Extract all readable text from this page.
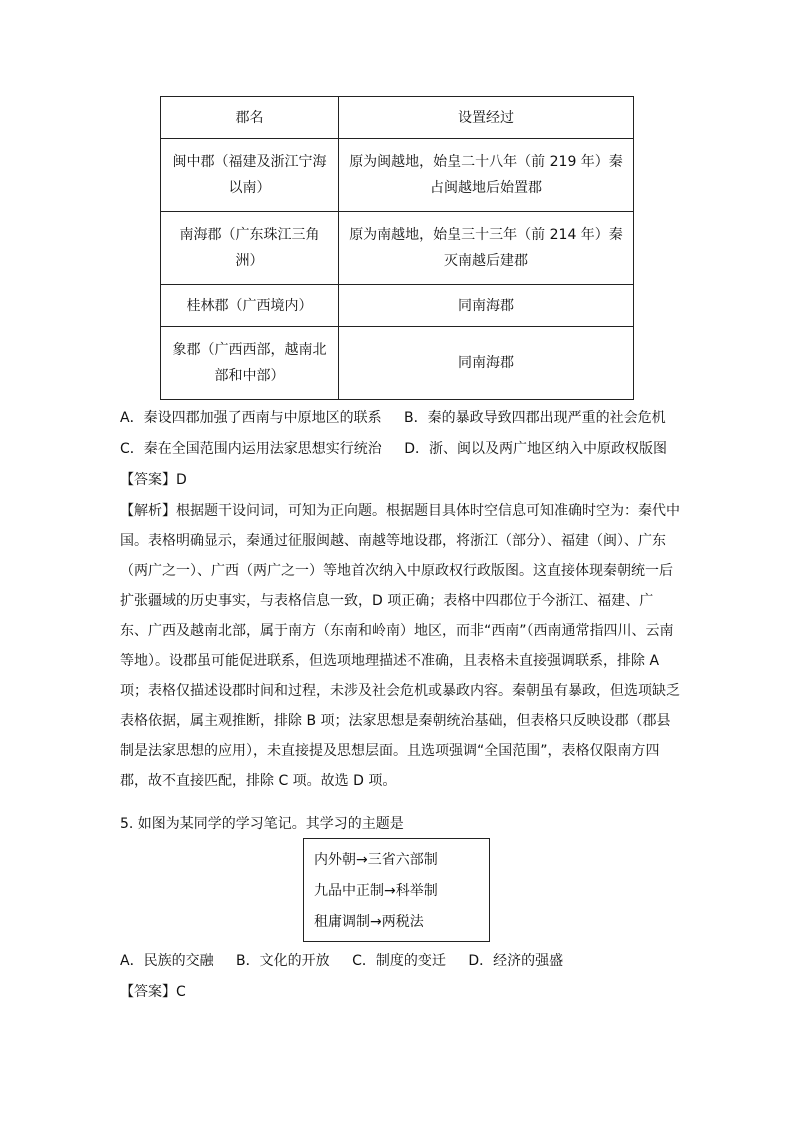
郡名	设置经过
闽中郡（福建及浙江宁海以南）	原为闽越地，始皇二十八年（前 219 年）秦占闽越地后始置郡
南海郡（广东珠江三角洲）	原为南越地，始皇三十三年（前 214 年）秦灭南越后建郡
桂林郡（广西境内）	同南海郡
象郡（广西西部，越南北部和中部）	同南海郡
A．秦设四郡加强了西南与中原地区的联系 B．秦的暴政导致四郡出现严重的社会危机
C．秦在全国范围内运用法家思想实行统治 D．浙、闽以及两广地区纳入中原政权版图
【答案】D

【解析】根据题干设问词，可知为正向题。根据题目具体时空信息可知准确时空为：秦代中国。表格明确显示，秦通过征服闽越、南越等地设郡，将浙江（部分）、福建（闽）、广东（两广之一）、广西（两广之一）等地首次纳入中原政权行政版图。这直接体现秦朝统一后扩张疆域的历史事实，与表格信息一致，D 项正确；表格中四郡位于今浙江、福建、广东、广西及越南北部，属于南方（东南和岭南）地区，而非“西南”（西南通常指四川、云南等地）。设郡虽可能促进联系，但选项地理描述不准确，且表格未直接强调联系，排除 A 项；表格仅描述设郡时间和过程，未涉及社会危机或暴政内容。秦朝虽有暴政，但选项缺乏表格依据，属主观推断，排除 B 项；法家思想是秦朝统治基础，但表格只反映设郡（郡县制是法家思想的应用），未直接提及思想层面。且选项强调“全国范围”，表格仅限南方四郡，故不直接匹配，排除 C 项。故选 D 项。

5. 如图为某同学的学习笔记。其学习的主题是
内外朝→三省六部制
九品中正制→科举制
租庸调制→两税法
A．民族的交融 B．文化的开放 C．制度的变迁 D．经济的强盛
【答案】C
